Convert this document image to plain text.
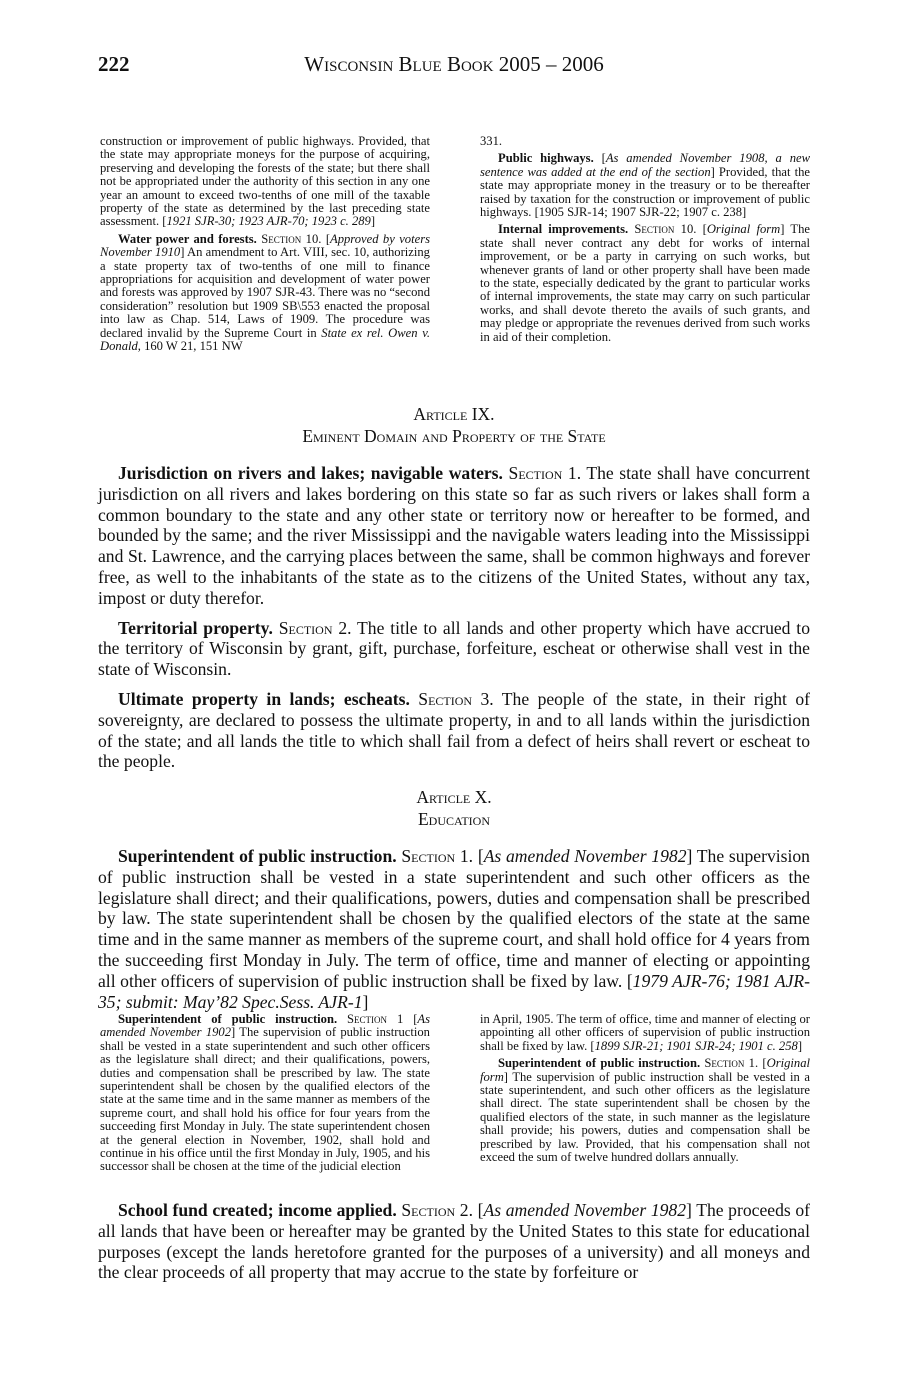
222	Wisconsin Blue Book 2005 – 2006

construction or improvement of public highways. Provided, that the state may appropriate moneys for the purpose of acquiring, preserving and developing the forests of the state; but there shall not be appropriated under the authority of this section in any one year an amount to exceed two-tenths of one mill of the taxable property of the state as determined by the last preceding state assessment. [1921 SJR-30; 1923 AJR-70; 1923 c. 289]

Water power and forests. Section 10. [Approved by voters November 1910] An amendment to Art. VIII, sec. 10, authorizing a state property tax of two-tenths of one mill to finance appropriations for acquisition and development of water power and forests was approved by 1907 SJR-43. There was no “second consideration” resolution but 1909 SB\553 enacted the proposal into law as Chap. 514, Laws of 1909. The procedure was declared invalid by the Supreme Court in State ex rel. Owen v. Donald, 160 W 21, 151 NW

331.

Public highways. [As amended November 1908, a new sentence was added at the end of the section] Provided, that the state may appropriate money in the treasury or to be thereafter raised by taxation for the construction or improvement of public highways. [1905 SJR-14; 1907 SJR-22; 1907 c. 238]

Internal improvements. Section 10. [Original form] The state shall never contract any debt for works of internal improvement, or be a party in carrying on such works, but whenever grants of land or other property shall have been made to the state, especially dedicated by the grant to particular works of internal improvements, the state may carry on such particular works, and shall devote thereto the avails of such grants, and may pledge or appropriate the revenues derived from such works in aid of their completion.

Article IX.
Eminent Domain and Property of the State

Jurisdiction on rivers and lakes; navigable waters. Section 1. The state shall have concurrent jurisdiction on all rivers and lakes bordering on this state so far as such rivers or lakes shall form a common boundary to the state and any other state or territory now or hereafter to be formed, and bounded by the same; and the river Mississippi and the navigable waters leading into the Mississippi and St. Lawrence, and the carrying places between the same, shall be common highways and forever free, as well to the inhabitants of the state as to the citizens of the United States, without any tax, impost or duty therefor.

Territorial property. Section 2. The title to all lands and other property which have accrued to the territory of Wisconsin by grant, gift, purchase, forfeiture, escheat or otherwise shall vest in the state of Wisconsin.

Ultimate property in lands; escheats. Section 3. The people of the state, in their right of sovereignty, are declared to possess the ultimate property, in and to all lands within the jurisdiction of the state; and all lands the title to which shall fail from a defect of heirs shall revert or escheat to the people.

Article X.
Education

Superintendent of public instruction. Section 1. [As amended November 1982] The supervision of public instruction shall be vested in a state superintendent and such other officers as the legislature shall direct; and their qualifications, powers, duties and compensation shall be prescribed by law. The state superintendent shall be chosen by the qualified electors of the state at the same time and in the same manner as members of the supreme court, and shall hold office for 4 years from the succeeding first Monday in July. The term of office, time and manner of electing or appointing all other officers of supervision of public instruction shall be fixed by law. [1979 AJR-76; 1981 AJR-35; submit: May’82 Spec.Sess. AJR-1]

Superintendent of public instruction. Section 1 [As amended November 1902] The supervision of public instruction shall be vested in a state superintendent and such other officers as the legislature shall direct; and their qualifications, powers, duties and compensation shall be prescribed by law. The state superintendent shall be chosen by the qualified electors of the state at the same time and in the same manner as members of the supreme court, and shall hold his office for four years from the succeeding first Monday in July. The state superintendent chosen at the general election in November, 1902, shall hold and continue in his office until the first Monday in July, 1905, and his successor shall be chosen at the time of the judicial election

in April, 1905. The term of office, time and manner of electing or appointing all other officers of supervision of public instruction shall be fixed by law. [1899 SJR-21; 1901 SJR-24; 1901 c. 258]

Superintendent of public instruction. Section 1. [Original form] The supervision of public instruction shall be vested in a state superintendent, and such other officers as the legislature shall direct. The state superintendent shall be chosen by the qualified electors of the state, in such manner as the legislature shall provide; his powers, duties and compensation shall be prescribed by law. Provided, that his compensation shall not exceed the sum of twelve hundred dollars annually.

School fund created; income applied. Section 2. [As amended November 1982] The proceeds of all lands that have been or hereafter may be granted by the United States to this state for educational purposes (except the lands heretofore granted for the purposes of a university) and all moneys and the clear proceeds of all property that may accrue to the state by forfeiture or
